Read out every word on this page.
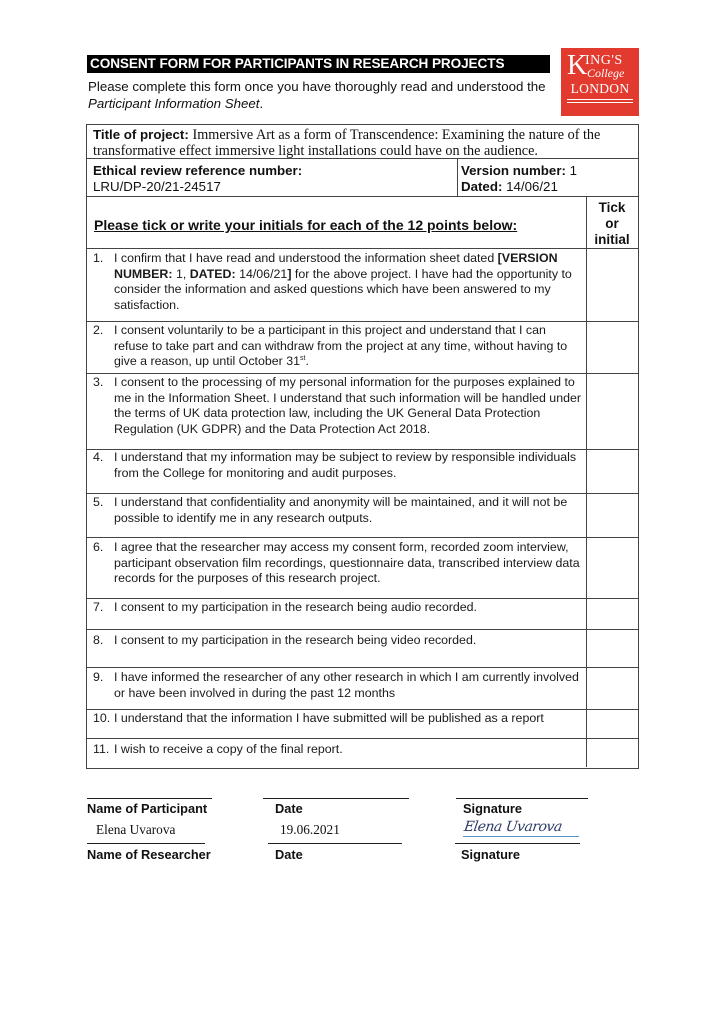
CONSENT FORM FOR PARTICIPANTS IN RESEARCH PROJECTS
Please complete this form once you have thoroughly read and understood the Participant Information Sheet.
K
ING'S
College
LONDON
Title of project: Immersive Art as a form of Transcendence: Examining the nature of the transformative effect immersive light installations could have on the audience.
Ethical review reference number:
LRU/DP-20/21-24517
Version number: 1
Dated: 14/06/21
Please tick or write your initials for each of the 12 points below:
Tick
or
initial
1. I confirm that I have read and understood the information sheet dated [VERSION NUMBER: 1, DATED: 14/06/21] for the above project. I have had the opportunity to consider the information and asked questions which have been answered to my satisfaction.
2. I consent voluntarily to be a participant in this project and understand that I can refuse to take part and can withdraw from the project at any time, without having to give a reason, up until October 31st.
3. I consent to the processing of my personal information for the purposes explained to me in the Information Sheet. I understand that such information will be handled under the terms of UK data protection law, including the UK General Data Protection Regulation (UK GDPR) and the Data Protection Act 2018.
4. I understand that my information may be subject to review by responsible individuals from the College for monitoring and audit purposes.
5. I understand that confidentiality and anonymity will be maintained, and it will not be possible to identify me in any research outputs.
6. I agree that the researcher may access my consent form, recorded zoom interview, participant observation film recordings, questionnaire data, transcribed interview data records for the purposes of this research project.
7. I consent to my participation in the research being audio recorded.
8. I consent to my participation in the research being video recorded.
9. I have informed the researcher of any other research in which I am currently involved or have been involved in during the past 12 months
10. I understand that the information I have submitted will be published as a report
11. I wish to receive a copy of the final report.
Name of Participant	Date	Signature
Elena Uvarova	19.06.2021	Elena Uvarova
Name of Researcher	Date	Signature
